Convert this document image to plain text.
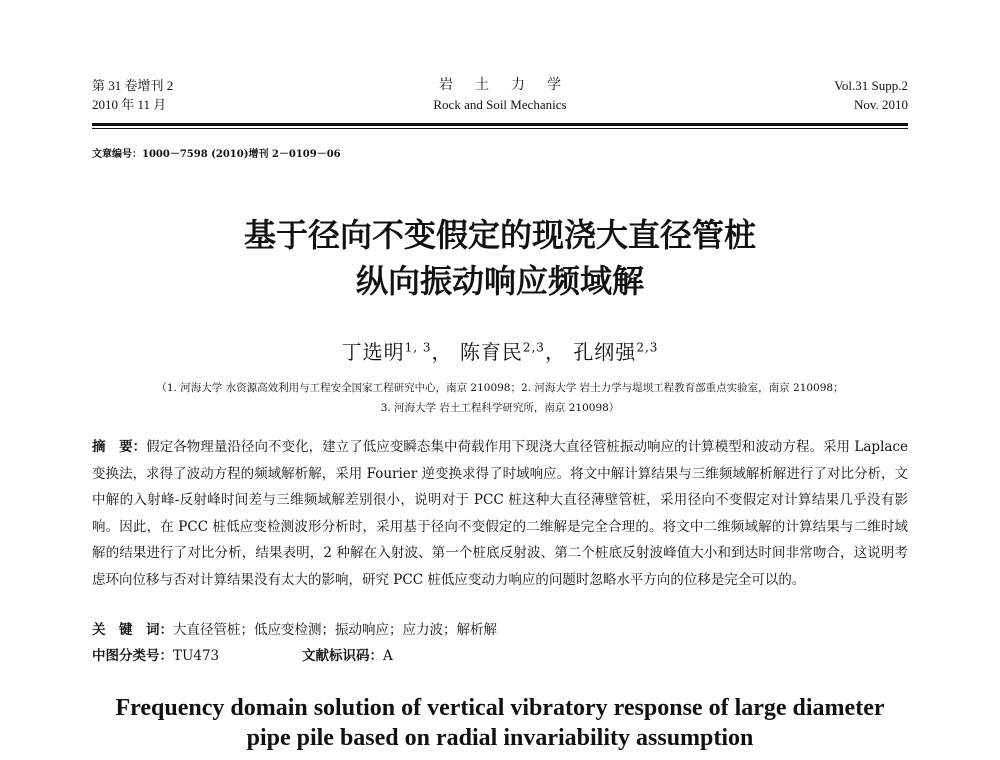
第 31 卷增刊 2
2010 年 11 月
岩土力学
Rock and Soil Mechanics
Vol.31 Supp.2
Nov. 2010
文章编号：1000－7598 (2010)增刊 2－0109－06
基于径向不变假定的现浇大直径管桩
纵向振动响应频域解
丁选明$^{1, 3}$， 陈育民$^{2,3}$， 孔纲强$^{2,3}$
（1. 河海大学 水资源高效利用与工程安全国家工程研究中心，南京 210098；2. 河海大学 岩土力学与堤坝工程教育部重点实验室，南京 210098；
3. 河海大学 岩土工程科学研究所，南京 210098）
摘　要：假定各物理量沿径向不变化，建立了低应变瞬态集中荷载作用下现浇大直径管桩振动响应的计算模型和波动方程。采用 Laplace 变换法，求得了波动方程的频域解析解，采用 Fourier 逆变换求得了时域响应。将文中解计算结果与三维频域解析解进行了对比分析，文中解的入射峰-反射峰时间差与三维频域解差别很小，说明对于 PCC 桩这种大直径薄壁管桩，采用径向不变假定对计算结果几乎没有影响。因此，在 PCC 桩低应变检测波形分析时，采用基于径向不变假定的二维解是完全合理的。将文中二维频域解的计算结果与二维时域解的结果进行了对比分析，结果表明，2 种解在入射波、第一个桩底反射波、第二个桩底反射波峰值大小和到达时间非常吻合，这说明考虑环向位移与否对计算结果没有太大的影响，研究 PCC 桩低应变动力响应的问题时忽略水平方向的位移是完全可以的。
关　键　词：大直径管桩；低应变检测；振动响应；应力波；解析解
中图分类号：TU473	文献标识码：A
Frequency domain solution of vertical vibratory response of large diameter
pipe pile based on radial invariability assumption
